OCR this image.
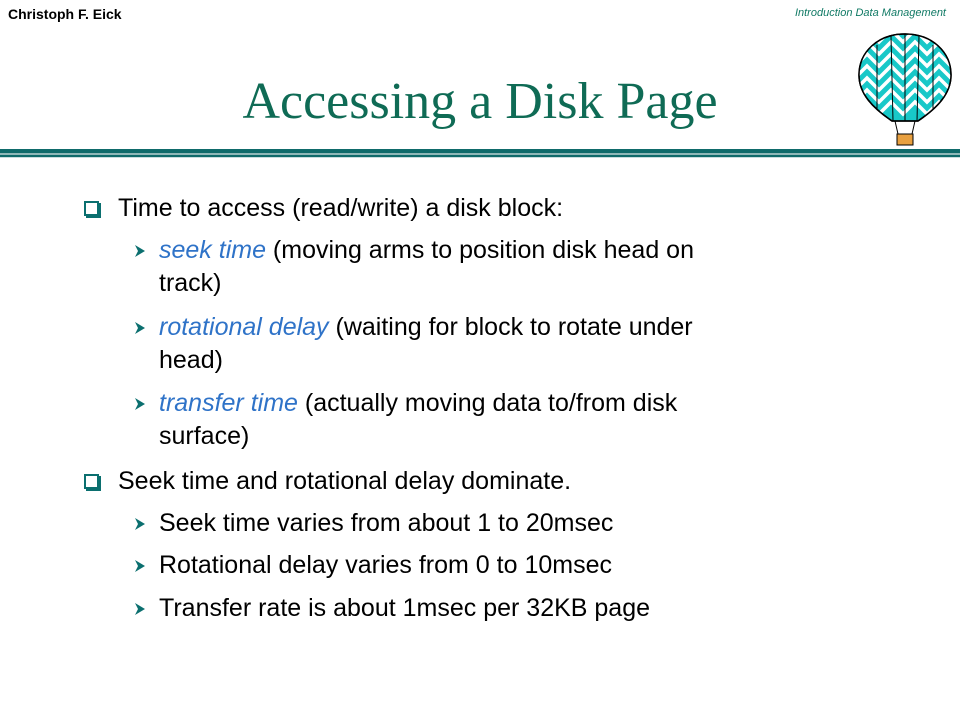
Christoph F. Eick	Introduction Data Management
Accessing a Disk Page
Time to access (read/write) a disk block:
seek time (moving arms to position disk head on
track)
rotational delay (waiting for block to rotate under
head)
transfer time (actually moving data to/from disk
surface)
Seek time and rotational delay dominate.
Seek time varies from about 1 to 20msec
Rotational delay varies from 0 to 10msec
Transfer rate is about 1msec per 32KB page
